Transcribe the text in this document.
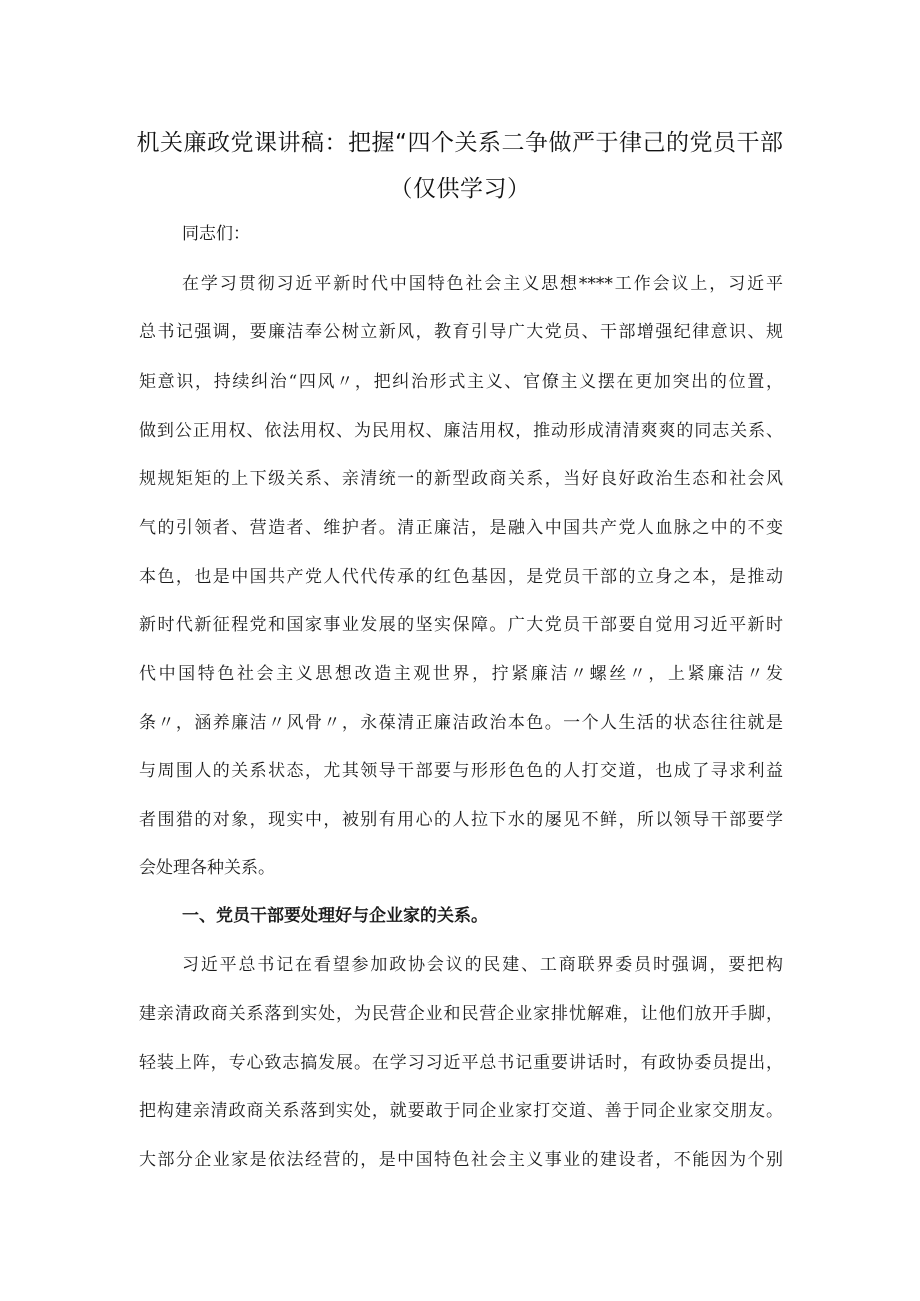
机关廉政党课讲稿：把握“四个关系二争做严于律己的党员干部
（仅供学习）
同志们：
在学习贯彻习近平新时代中国特色社会主义思想****工作会议上，习近平
总书记强调，要廉洁奉公树立新风，教育引导广大党员、干部增强纪律意识、规
矩意识，持续纠治“四风〃，把纠治形式主义、官僚主义摆在更加突出的位置，
做到公正用权、依法用权、为民用权、廉洁用权，推动形成清清爽爽的同志关系、
规规矩矩的上下级关系、亲清统一的新型政商关系，当好良好政治生态和社会风
气的引领者、营造者、维护者。清正廉洁，是融入中国共产党人血脉之中的不变
本色，也是中国共产党人代代传承的红色基因，是党员干部的立身之本，是推动
新时代新征程党和国家事业发展的坚实保障。广大党员干部要自觉用习近平新时
代中国特色社会主义思想改造主观世界，拧紧廉洁〃螺丝〃，上紧廉洁〃发
条〃，涵养廉洁〃风骨〃，永葆清正廉洁政治本色。一个人生活的状态往往就是
与周围人的关系状态，尤其领导干部要与形形色色的人打交道，也成了寻求利益
者围猎的对象，现实中，被别有用心的人拉下水的屡见不鲜，所以领导干部要学
会处理各种关系。
一、党员干部要处理好与企业家的关系。
习近平总书记在看望参加政协会议的民建、工商联界委员时强调，要把构
建亲清政商关系落到实处，为民营企业和民营企业家排忧解难，让他们放开手脚，
轻装上阵，专心致志搞发展。在学习习近平总书记重要讲话时，有政协委员提出，
把构建亲清政商关系落到实处，就要敢于同企业家打交道、善于同企业家交朋友。
大部分企业家是依法经营的，是中国特色社会主义事业的建设者，不能因为个别
